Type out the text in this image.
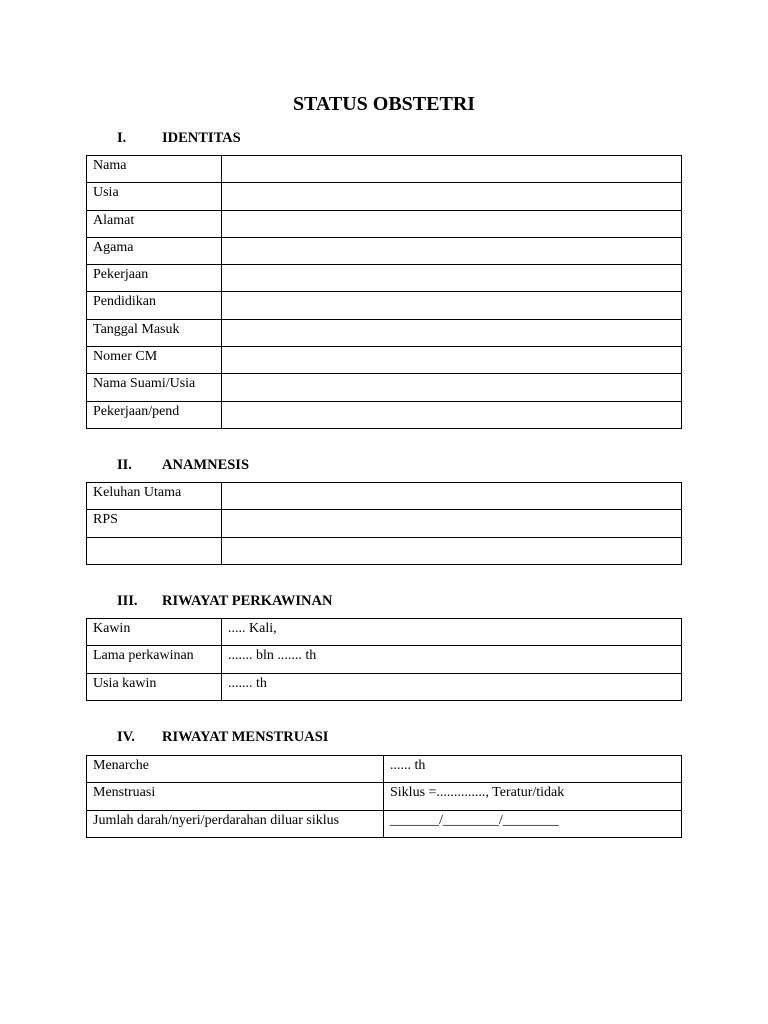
STATUS OBSTETRI
I. IDENTITAS
Nama	
Usia	
Alamat	
Agama	
Pekerjaan	
Pendidikan	
Tanggal Masuk	
Nomer CM	
Nama Suami/Usia	
Pekerjaan/pend	
II. ANAMNESIS
Keluhan Utama	
RPS	

III. RIWAYAT PERKAWINAN
Kawin	..... Kali,
Lama perkawinan	....... bln ....... th
Usia kawin	....... th
IV. RIWAYAT MENSTRUASI
Menarche	...... th
Menstruasi	Siklus =.............., Teratur/tidak
Jumlah darah/nyeri/perdarahan diluar siklus	_______/________/________
